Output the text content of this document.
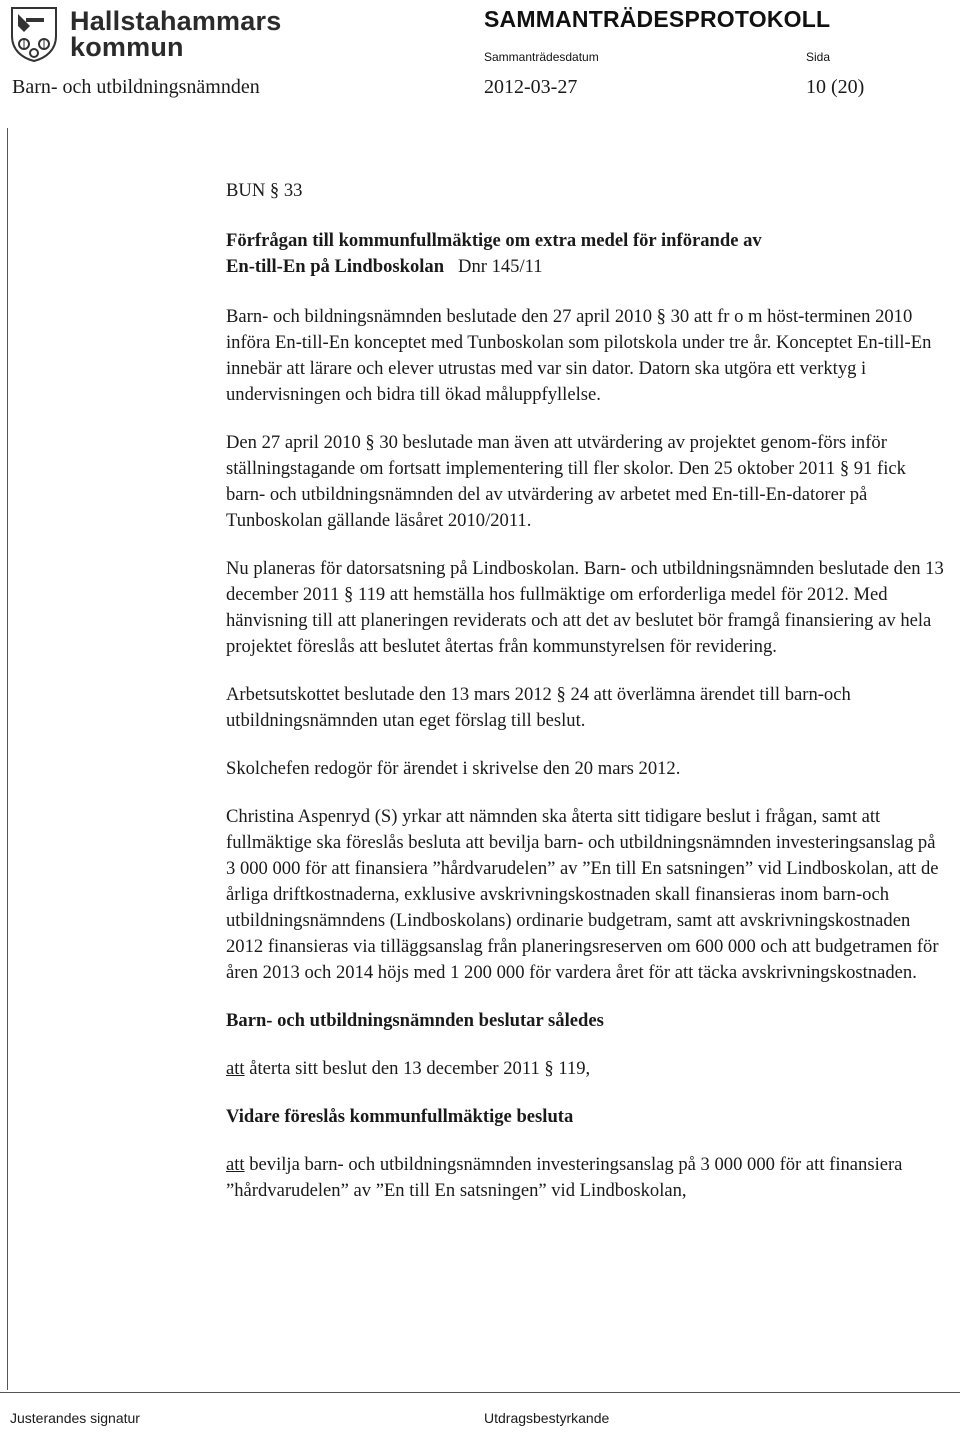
Hallstahammars
kommun
SAMMANTRÄDESPROTOKOLL
Sammanträdesdatum	Sida
Barn- och utbildningsnämnden	2012-03-27	10 (20)

BUN § 33

Förfrågan till kommunfullmäktige om extra medel för införande av

En-till-En på Lindboskolan Dnr 145/11

Barn- och bildningsnämnden beslutade den 27 april 2010 § 30 att fr o m höst-terminen 2010 införa En-till-En konceptet med Tunboskolan som pilotskola under tre år. Konceptet En-till-En innebär att lärare och elever utrustas med var sin dator. Datorn ska utgöra ett verktyg i undervisningen och bidra till ökad måluppfyllelse.

Den 27 april 2010 § 30 beslutade man även att utvärdering av projektet genom-förs inför ställningstagande om fortsatt implementering till fler skolor. Den 25 oktober 2011 § 91 fick barn- och utbildningsnämnden del av utvärdering av arbetet med En-till-En-datorer på Tunboskolan gällande läsåret 2010/2011.

Nu planeras för datorsatsning på Lindboskolan. Barn- och utbildningsnämnden beslutade den 13 december 2011 § 119 att hemställa hos fullmäktige om erforderliga medel för 2012. Med hänvisning till att planeringen reviderats och att det av beslutet bör framgå finansiering av hela projektet föreslås att beslutet återtas från kommunstyrelsen för revidering.

Arbetsutskottet beslutade den 13 mars 2012 § 24 att överlämna ärendet till barn-och utbildningsnämnden utan eget förslag till beslut.

Skolchefen redogör för ärendet i skrivelse den 20 mars 2012.

Christina Aspenryd (S) yrkar att nämnden ska återta sitt tidigare beslut i frågan, samt att fullmäktige ska föreslås besluta att bevilja barn- och utbildningsnämnden investeringsanslag på 3 000 000 för att finansiera ”hårdvarudelen” av ”En till En satsningen” vid Lindboskolan, att de årliga driftkostnaderna, exklusive avskrivningskostnaden skall finansieras inom barn-och utbildningsnämndens (Lindboskolans) ordinarie budgetram, samt att avskrivningskostnaden 2012 finansieras via tilläggsanslag från planeringsreserven om 600 000 och att budgetramen för åren 2013 och 2014 höjs med 1 200 000 för vardera året för att täcka avskrivningskostnaden.

Barn- och utbildningsnämnden beslutar således

att återta sitt beslut den 13 december 2011 § 119,

Vidare föreslås kommunfullmäktige besluta

att bevilja barn- och utbildningsnämnden investeringsanslag på 3 000 000 för att finansiera ”hårdvarudelen” av ”En till En satsningen” vid Lindboskolan,

Justerandes signatur	Utdragsbestyrkande
